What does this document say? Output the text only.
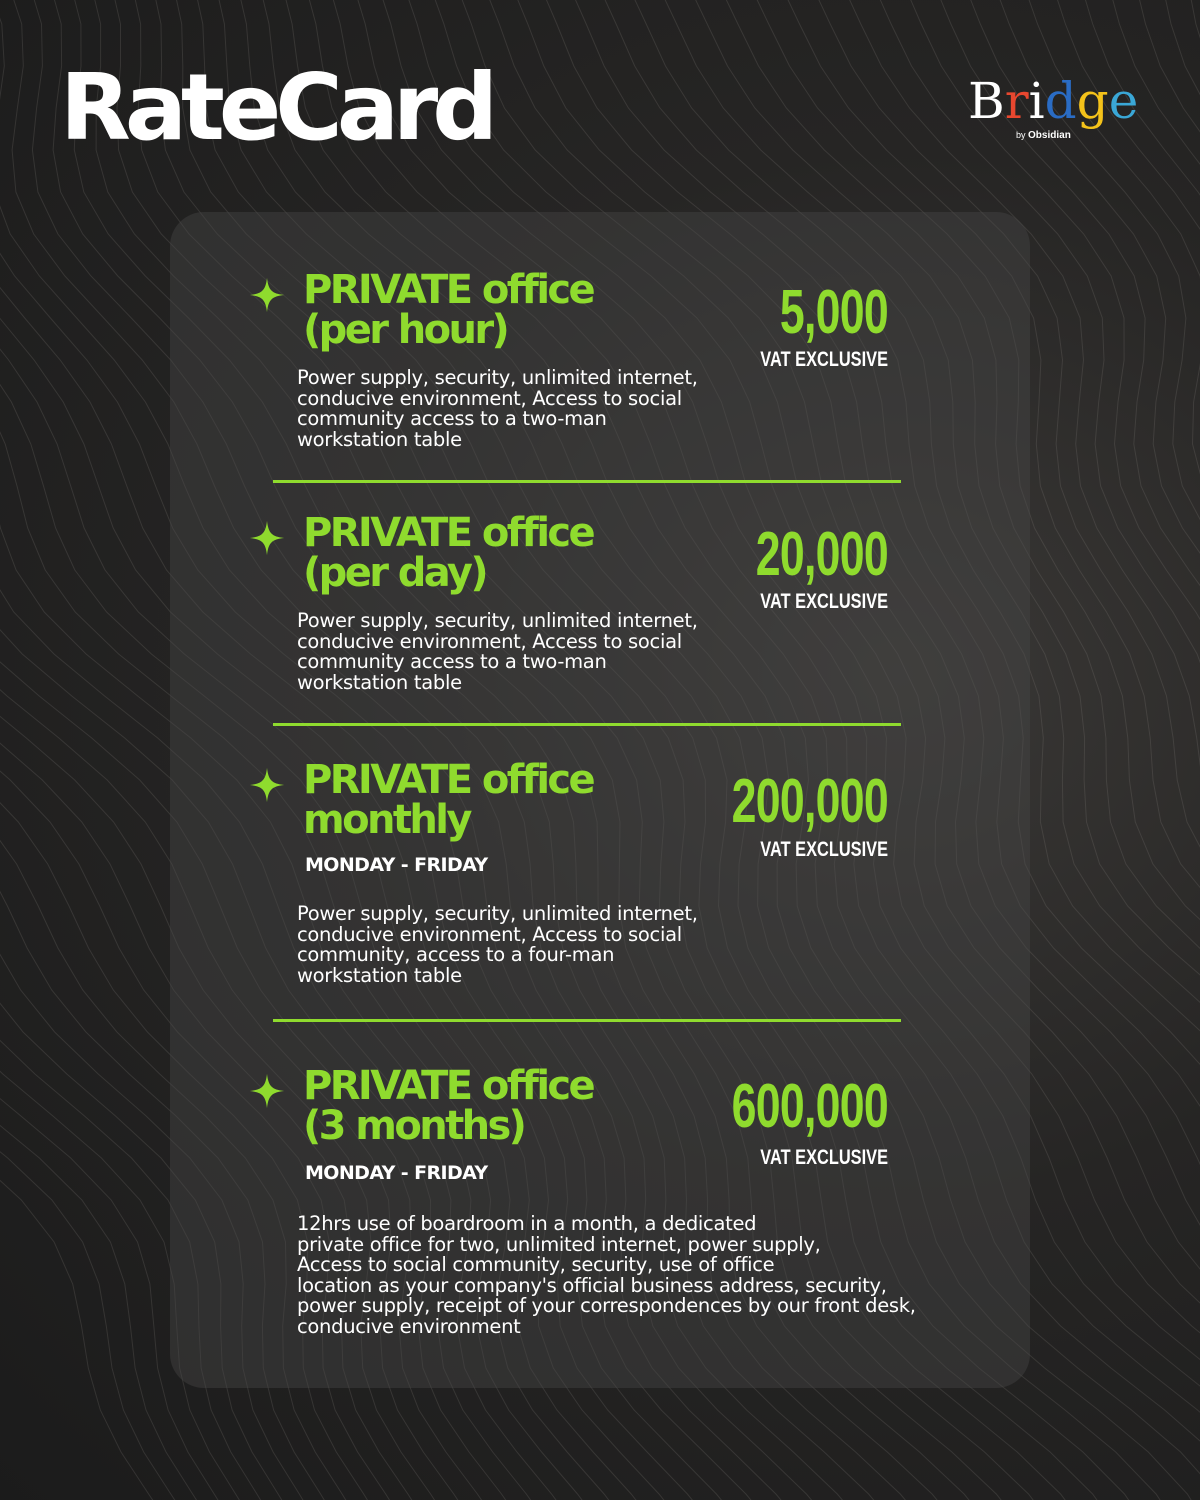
RateCard	Bridge
by Obsidian
PRIVATE office
(per hour)
Power supply, security, unlimited internet,
conducive environment, Access to social
community access to a two-man
workstation table
5,000
VAT EXCLUSIVE
PRIVATE office
(per day)
Power supply, security, unlimited internet,
conducive environment, Access to social
community access to a two-man
workstation table
20,000
VAT EXCLUSIVE
PRIVATE office
monthly
MONDAY - FRIDAY
Power supply, security, unlimited internet,
conducive environment, Access to social
community, access to a four-man
workstation table
200,000
VAT EXCLUSIVE
PRIVATE office
(3 months)
MONDAY - FRIDAY
12hrs use of boardroom in a month, a dedicated
private office for two, unlimited internet, power supply,
Access to social community, security, use of office
location as your company's official business address, security,
power supply, receipt of your correspondences by our front desk,
conducive environment
600,000
VAT EXCLUSIVE
